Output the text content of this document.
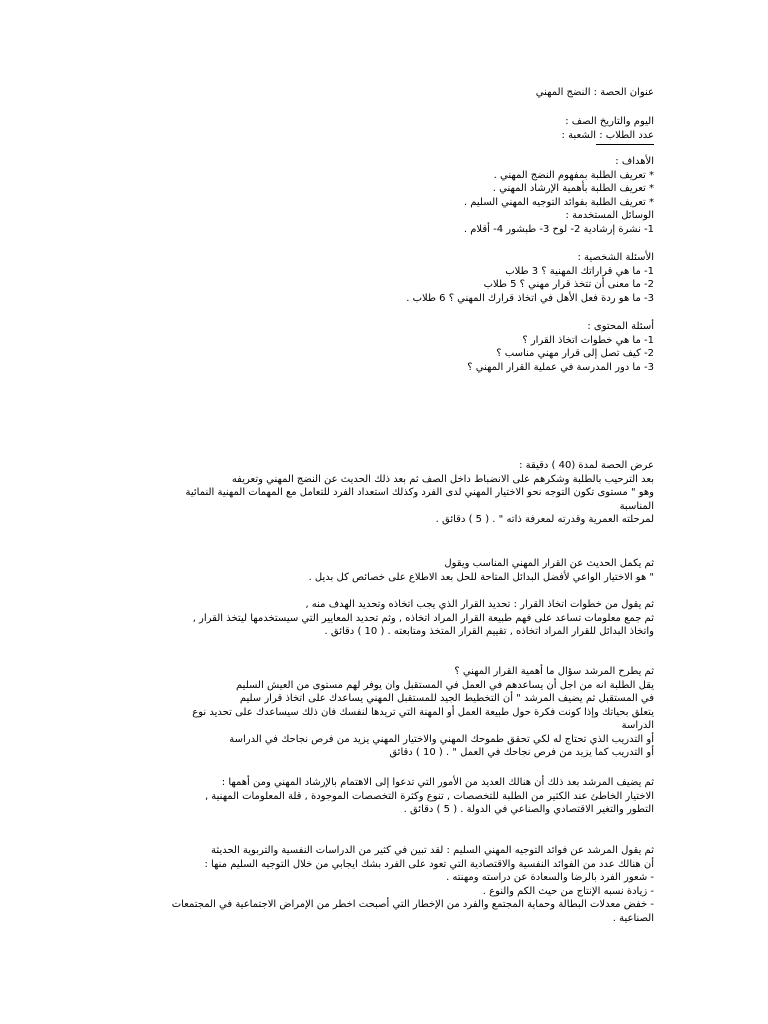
عنوان الحصة : النضج المهني
اليوم والتاريخ الصف :
عدد الطلاب : الشعبة :
الأهداف :
* تعريف الطلبة بمفهوم النضج المهني .
* تعريف الطلبة بأهمية الإرشاد المهني .
* تعريف الطلبة بفوائد التوجيه المهني السليم .
الوسائل المستخدمة :
1- نشرة إرشادية 2- لوح 3- طبشور 4- أقلام .
الأسئلة الشخصية :
1- ما هي قراراتك المهنية ؟ 3 طلاب
2- ما معنى أن تتخذ قرار مهني ؟ 5 طلاب
3- ما هو ردة فعل الأهل في اتخاذ قرارك المهني ؟ 6 طلاب .
أسئلة المحتوى :
1- ما هي خطوات اتخاذ القرار ؟
2- كيف تصل إلى قرار مهني مناسب ؟
3- ما دور المدرسة في عملية القرار المهني ؟
عرض الحصة لمدة (40 ) دقيقة :
بعد الترحيب بالطلبة وشكرهم على الانضباط داخل الصف ثم بعد ذلك الحديث عن النضج المهني وتعريفه
وهو " مستوى تكون التوجه نحو الاختيار المهني لدى الفرد وكذلك استعداد الفرد للتعامل مع المهمات المهنية النمائية
المناسبة
لمرحلته العمرية وقدرته لمعرفة ذاته " . ( 5 ) دقائق .
ثم يكمل الحديث عن القرار المهني المناسب ويقول
" هو الاختيار الواعي لأفضل البدائل المتاحة للحل بعد الاطلاع على خصائص كل بديل .
ثم يقول من خطوات اتخاذ القرار : تحديد القرار الذي يجب اتخاذه وتحديد الهدف منه ,
ثم جمع معلومات تساعد على فهم طبيعة القرار المراد اتخاذه , وثم تحديد المعايير التي سيستخدمها ليتخذ القرار ,
واتخاذ البدائل للقرار المراد اتخاذه , تقييم القرار المتخذ ومتابعته . ( 10 ) دقائق .
ثم يطرح المرشد سؤال ما أهمية القرار المهني ؟
يقل الطلبة انه من اجل أن يساعدهم في العمل في المستقبل وان يوفر لهم مستوى من العيش السليم
في المستقبل ثم يضيف المرشد " أن التخطيط الجيد للمستقبل المهني يساعدك على اتخاذ قرار سليم
يتعلق بحياتك وإذا كونت فكرة حول طبيعة العمل أو المهنة التي تريدها لنفسك فان ذلك سيساعدك على تحديد نوع
الدراسة
أو التدريب الذي تحتاج له لكي تحقق طموحك المهني والاختيار المهني يزيد من فرص نجاحك في الدراسة
أو التدريب كما يزيد من فرص نجاحك في العمل " . ( 10 ) دقائق
ثم يضيف المرشد بعد ذلك أن هنالك العديد من الأمور التي تدعوا إلى الاهتمام بالإرشاد المهني ومن أهمها :
الاختيار الخاطئ عند الكثير من الطلبة للتخصصات , تنوع وكثرة التخصصات الموجودة , قلة المعلومات المهنية ,
التطور والتغير الاقتصادي والصناعي في الدولة . ( 5 ) دقائق .
ثم يقول المرشد عن فوائد التوجيه المهني السليم : لقد تبين في كثير من الدراسات النفسية والتربوية الحديثة
أن هنالك عدد من الفوائد النفسية والاقتصادية التي تعود على الفرد بشك ايجابي من خلال التوجيه السليم منها :
- شعور الفرد بالرضا والسعادة عن دراسته ومهنته .
- زيادة نسبه الإنتاج من حيث الكم والنوع .
- خفض معدلات البطالة وحماية المجتمع والفرد من الإخطار التي أصبحت اخطر من الإمراض الاجتماعية في المجتمعات
الصناعية .
